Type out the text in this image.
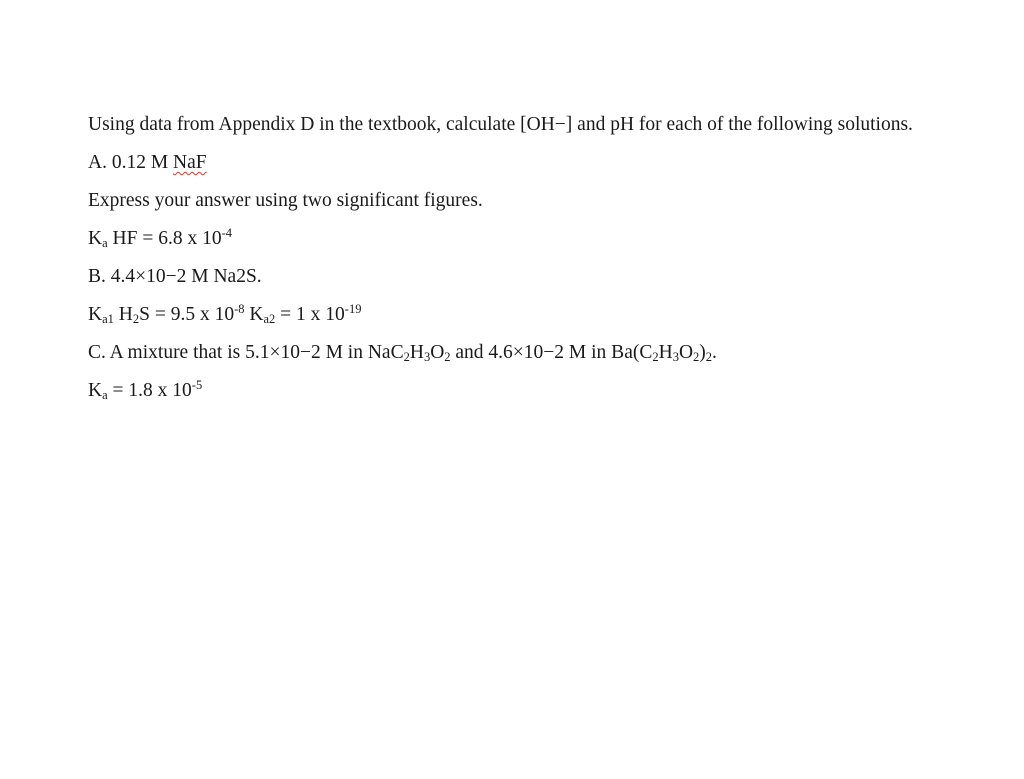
Using data from Appendix D in the textbook, calculate [OH−] and pH for each of the following solutions.

A. 0.12 M NaF

Express your answer using two significant figures.

$K_a$ HF = 6.8 x $10^{-4}$

B. 4.4×10−2 M Na2S.

$K_{a1}$ $H_2S = 9.5$ x $10^{-8}$ $K_{a2} = 1$ x $10^{-19}$

C. A mixture that is 5.1×10−2 M in $NaC_2H_3O_2$ and 4.6×10−2 M in $Ba(C_2H_3O_2)_2$.

$K_a = 1.8$ x $10^{-5}$
